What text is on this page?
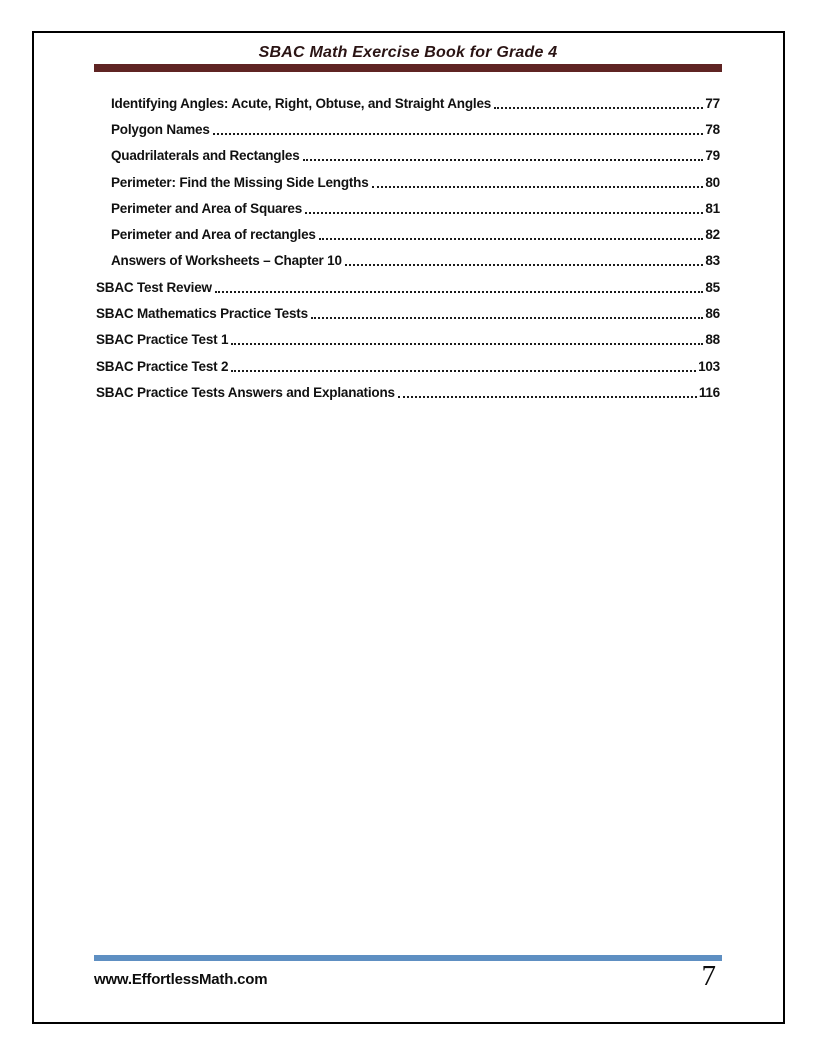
SBAC Math Exercise Book for Grade 4
Identifying Angles: Acute, Right, Obtuse, and Straight Angles	77
Polygon Names	78
Quadrilaterals and Rectangles	79
Perimeter: Find the Missing Side Lengths	80
Perimeter and Area of Squares	81
Perimeter and Area of rectangles	82
Answers of Worksheets – Chapter 10	83
SBAC Test Review	85
SBAC Mathematics Practice Tests	86
SBAC Practice Test 1	88
SBAC Practice Test 2	103
SBAC Practice Tests Answers and Explanations	116
www.EffortlessMath.com	7
